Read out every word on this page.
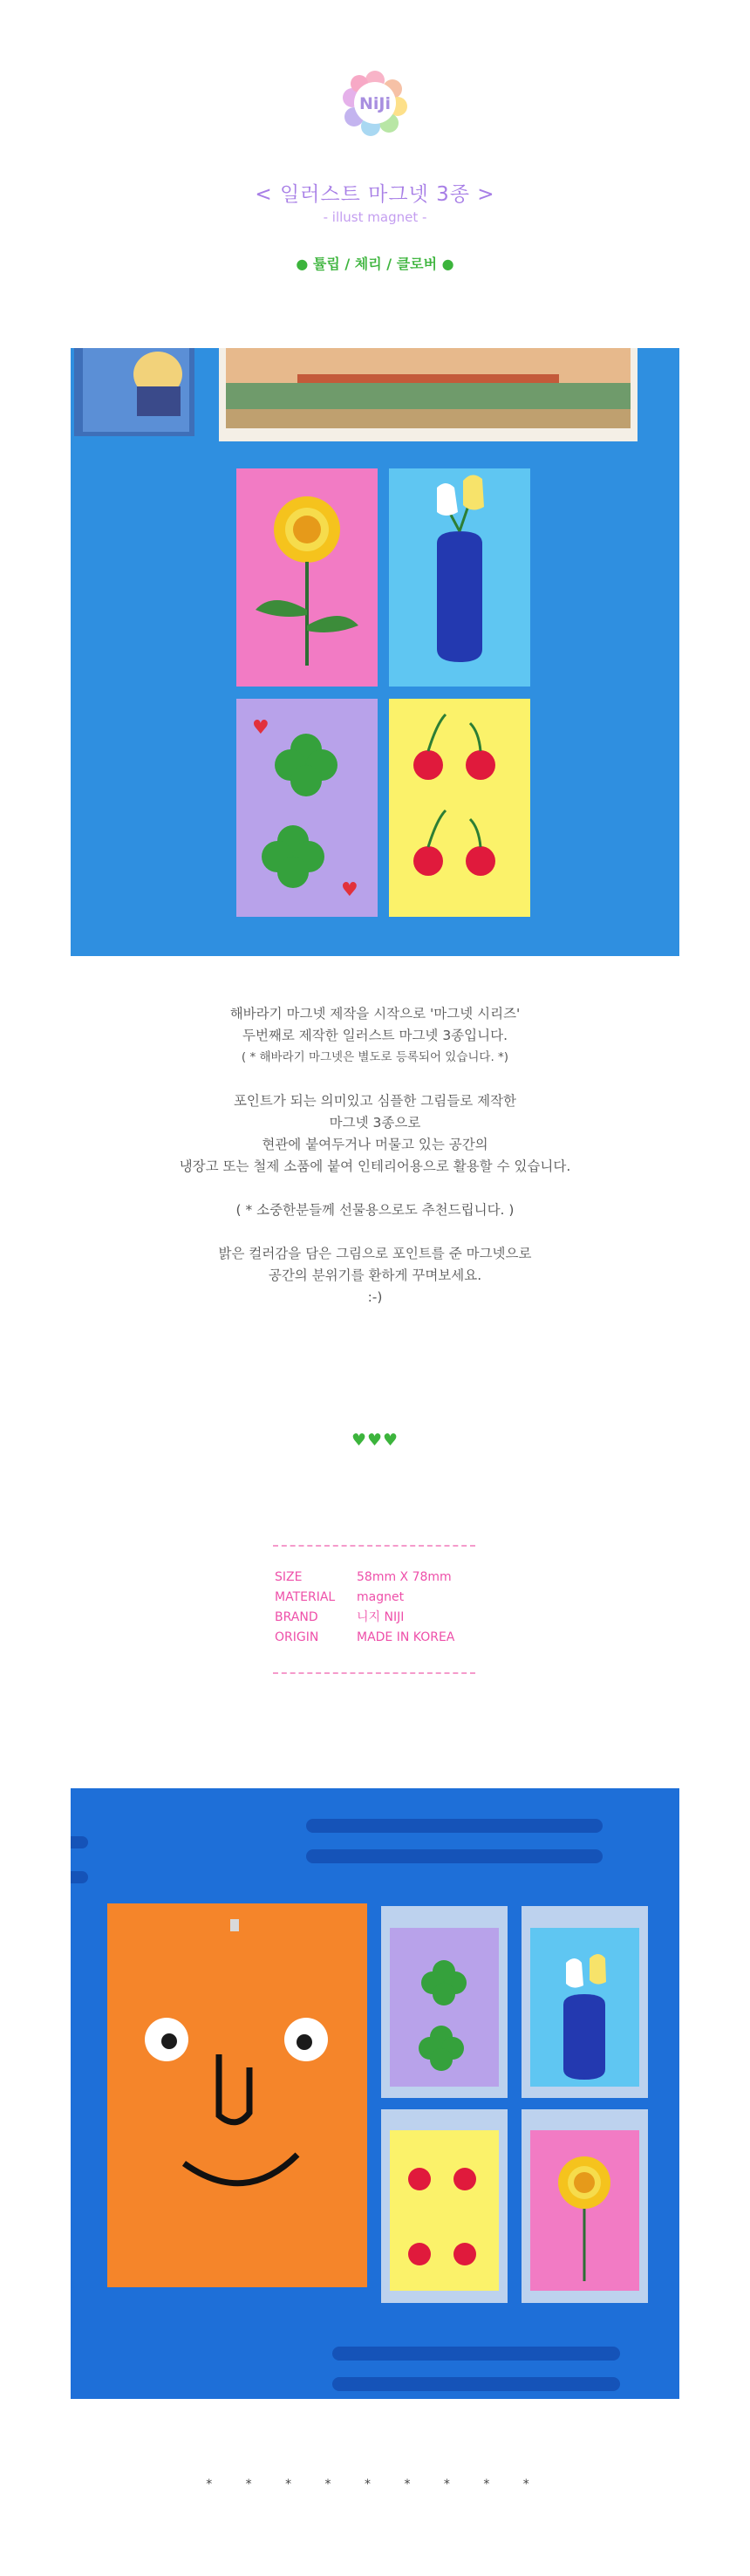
NiJi
< 일러스트 마그넷 3종 >
- illust magnet -
● 튤립 / 체리 / 클로버 ●
♥
♥

해바라기 마그넷 제작을 시작으로 '마그넷 시리즈'

두번째로 제작한 일러스트 마그넷 3종입니다.

( * 해바라기 마그넷은 별도로 등록되어 있습니다. *)

포인트가 되는 의미있고 심플한 그림들로 제작한

마그넷 3종으로

현관에 붙여두거나 머물고 있는 공간의

냉장고 또는 철제 소품에 붙여 인테리어용으로 활용할 수 있습니다.

( * 소중한분들께 선물용으로도 추천드립니다. )

밝은 컬러감을 담은 그림으로 포인트를 준 마그넷으로

공간의 분위기를 환하게 꾸며보세요.

:-)

♥♥♥
SIZE	58mm X 78mm
MATERIAL	magnet
BRAND	니지 NIJI
ORIGIN	MADE IN KOREA
* * * * * * * * *
